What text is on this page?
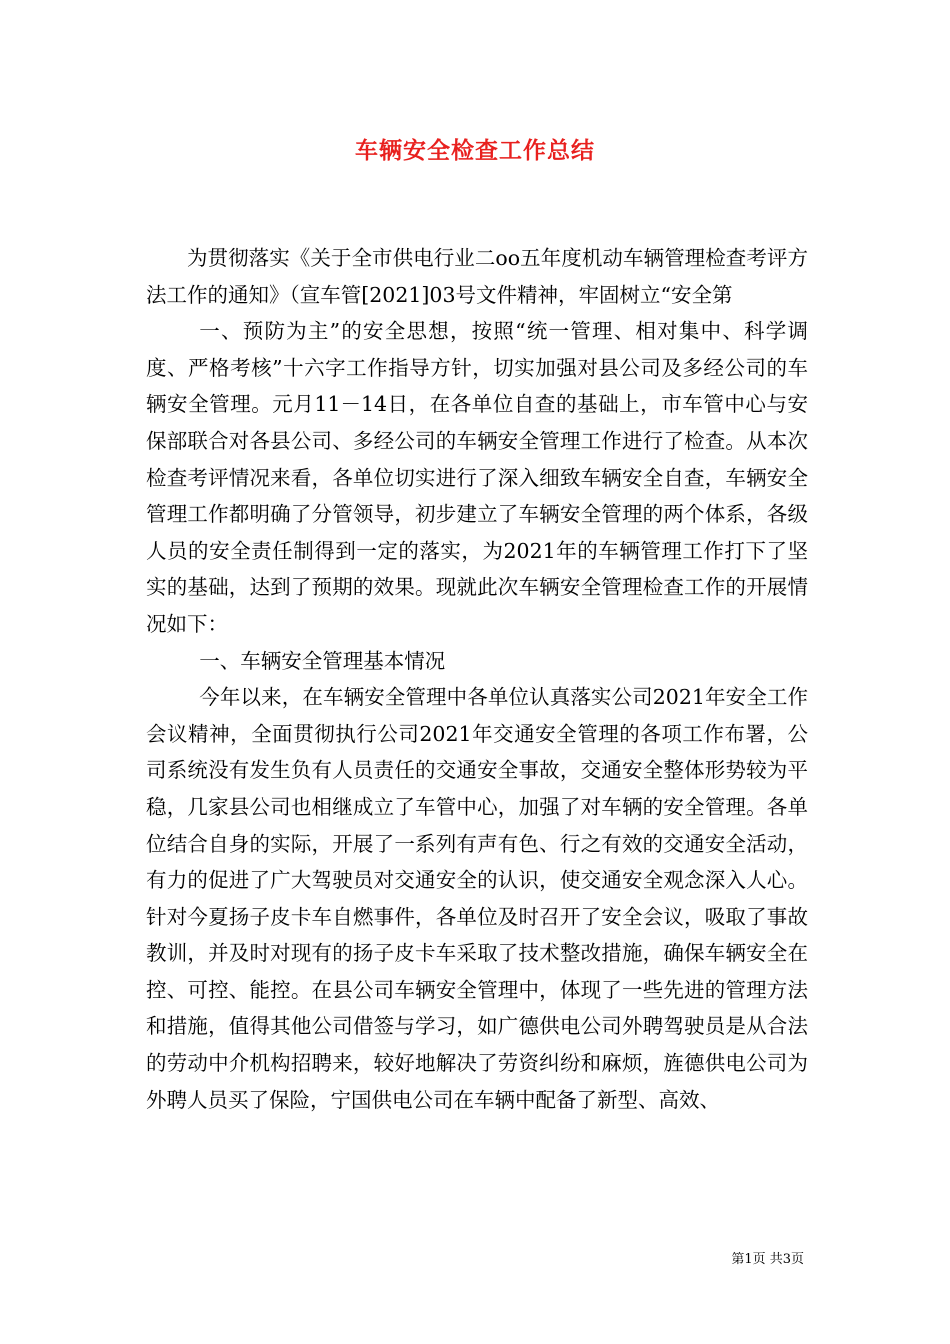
车辆安全检查工作总结

为贯彻落实《关于全市供电行业二oo五年度机动车辆管理检查考评方法工作的通知》（宣车管[2021]03号文件精神，牢固树立“安全第

一、预防为主”的安全思想，按照“统一管理、相对集中、科学调度、严格考核”十六字工作指导方针，切实加强对县公司及多经公司的车辆安全管理。元月11－14日，在各单位自查的基础上，市车管中心与安保部联合对各县公司、多经公司的车辆安全管理工作进行了检查。从本次检查考评情况来看，各单位切实进行了深入细致车辆安全自查，车辆安全管理工作都明确了分管领导，初步建立了车辆安全管理的两个体系，各级人员的安全责任制得到一定的落实，为2021年的车辆管理工作打下了坚实的基础，达到了预期的效果。现就此次车辆安全管理检查工作的开展情况如下：

一、车辆安全管理基本情况

今年以来，在车辆安全管理中各单位认真落实公司2021年安全工作会议精神，全面贯彻执行公司2021年交通安全管理的各项工作布署，公司系统没有发生负有人员责任的交通安全事故，交通安全整体形势较为平稳，几家县公司也相继成立了车管中心，加强了对车辆的安全管理。各单位结合自身的实际，开展了一系列有声有色、行之有效的交通安全活动，有力的促进了广大驾驶员对交通安全的认识，使交通安全观念深入人心。针对今夏扬子皮卡车自燃事件，各单位及时召开了安全会议，吸取了事故教训，并及时对现有的扬子皮卡车采取了技术整改措施，确保车辆安全在控、可控、能控。在县公司车辆安全管理中，体现了一些先进的管理方法和措施，值得其他公司借签与学习，如广德供电公司外聘驾驶员是从合法的劳动中介机构招聘来，较好地解决了劳资纠纷和麻烦，旌德供电公司为外聘人员买了保险，宁国供电公司在车辆中配备了新型、高效、

第1页 共3页
